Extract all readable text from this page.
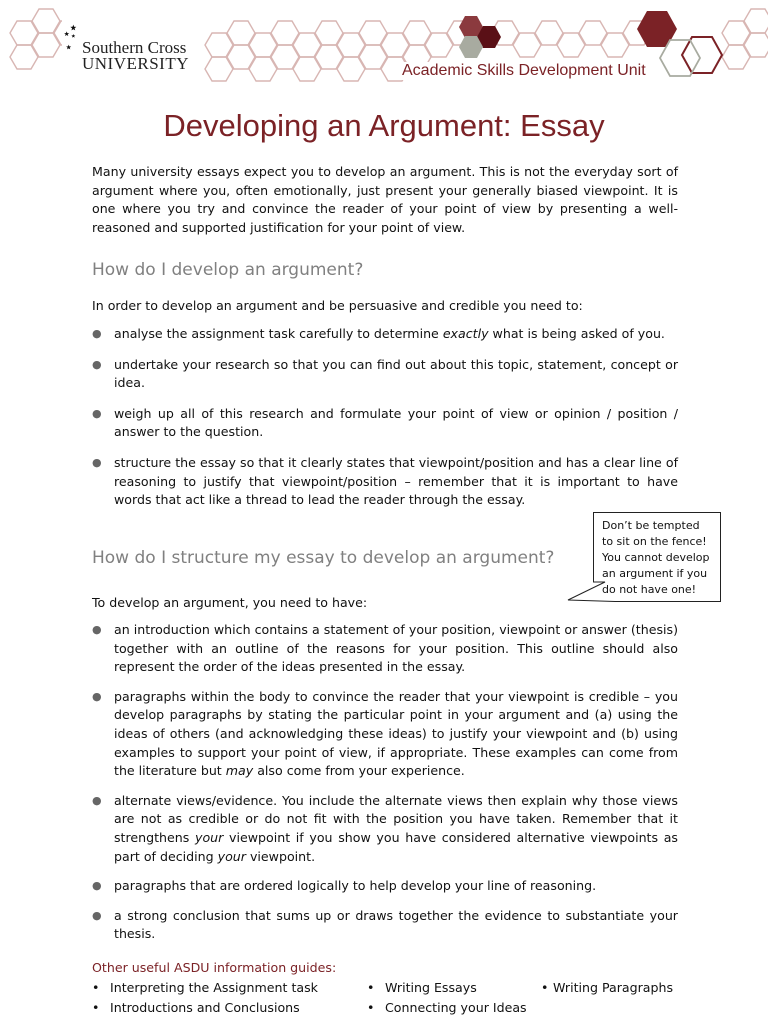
Southern Cross
UNIVERSITY	Academic Skills Development Unit
Developing an Argument: Essay

Many university essays expect you to develop an argument. This is not the everyday sort of argument where you, often emotionally, just present your generally biased viewpoint. It is one where you try and convince the reader of your point of view by presenting a well-reasoned and supported justification for your point of view.

How do I develop an argument?

In order to develop an argument and be persuasive and credible you need to:

● analyse the assignment task carefully to determine exactly what is being asked of you.
● undertake your research so that you can find out about this topic, statement, concept or idea.
● weigh up all of this research and formulate your point of view or opinion / position / answer to the question.
● structure the essay so that it clearly states that viewpoint/position and has a clear line of reasoning to justify that viewpoint/position – remember that it is important to have words that act like a thread to lead the reader through the essay.
Don’t be tempted to sit on the fence! You cannot develop an argument if you do not have one!
How do I structure my essay to develop an argument?

To develop an argument, you need to have:

● an introduction which contains a statement of your position, viewpoint or answer (thesis) together with an outline of the reasons for your position. This outline should also represent the order of the ideas presented in the essay.
● paragraphs within the body to convince the reader that your viewpoint is credible – you develop paragraphs by stating the particular point in your argument and (a) using the ideas of others (and acknowledging these ideas) to justify your viewpoint and (b) using examples to support your point of view, if appropriate. These examples can come from the literature but may also come from your experience.
● alternate views/evidence. You include the alternate views then explain why those views are not as credible or do not fit with the position you have taken. Remember that it strengthens your viewpoint if you show you have considered alternative viewpoints as part of deciding your viewpoint.
● paragraphs that are ordered logically to help develop your line of reasoning.
● a strong conclusion that sums up or draws together the evidence to substantiate your thesis.
Other useful ASDU information guides:
• Interpreting the Assignment task
• Introductions and Conclusions
• Writing Essays
• Connecting your Ideas
• Writing Paragraphs
